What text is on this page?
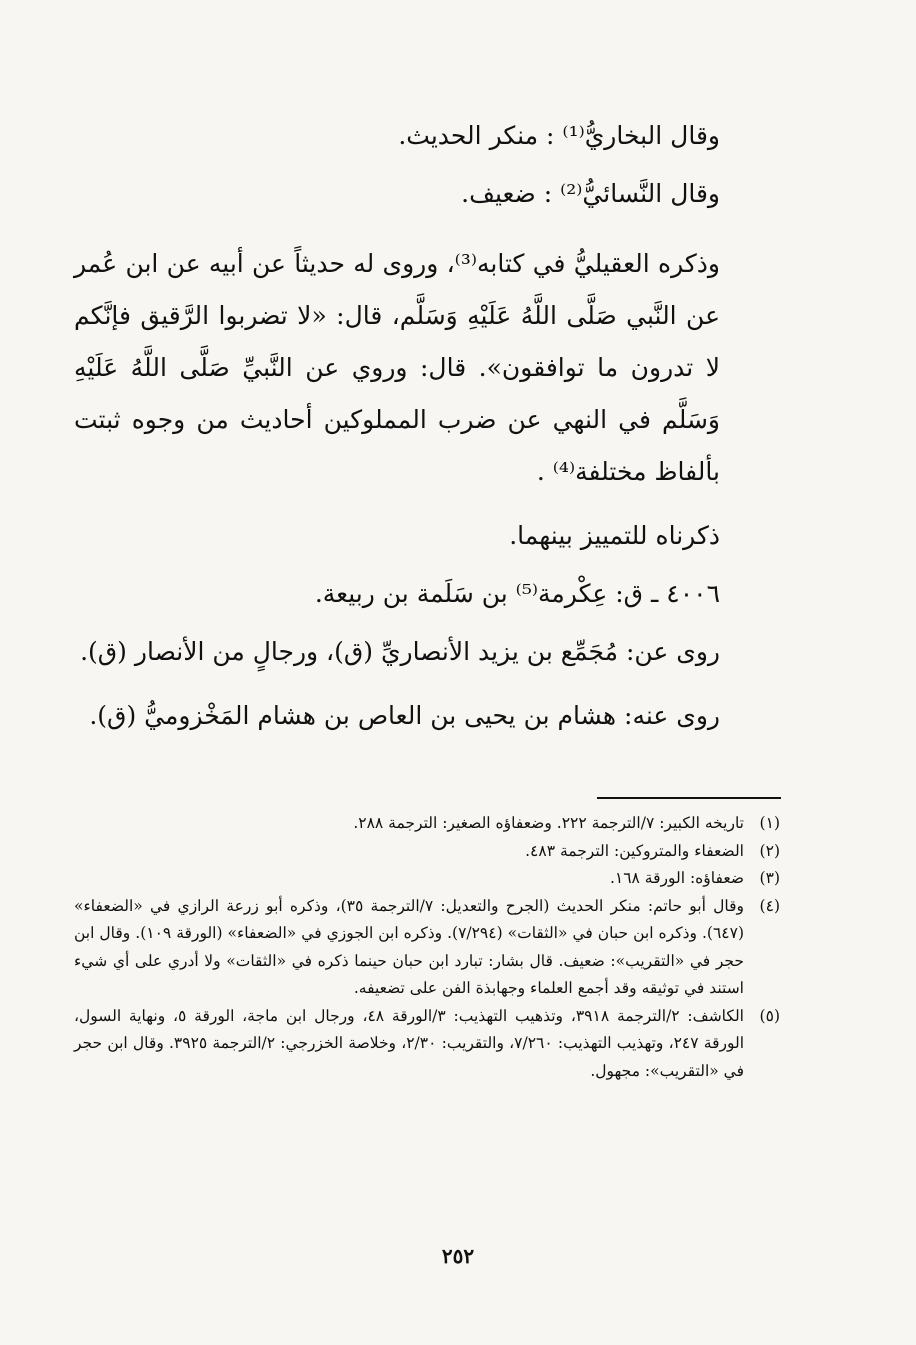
وقال البخاريُّ⁽¹⁾ : منكر الحديث.

وقال النَّسائيُّ⁽²⁾ : ضعيف.

وذكره العقيليُّ في كتابه⁽³⁾، وروى له حديثاً عن أبيه عن ابن عُمر عن النَّبي صَلَّى اللَّهُ عَلَيْهِ وَسَلَّم، قال: «لا تضربوا الرَّقيق فإنَّكم لا تدرون ما توافقون». قال: وروي عن النَّبيِّ صَلَّى اللَّهُ عَلَيْهِ وَسَلَّم في النهي عن ضرب المملوكين أحاديث من وجوه ثبتت بألفاظ مختلفة⁽⁴⁾ .

ذكرناه للتمييز بينهما.

٤٠٠٦ ـ ق: عِكْرمة⁽⁵⁾ بن سَلَمة بن ربيعة.

روى عن: مُجَمِّع بن يزيد الأنصاريِّ (ق)، ورجالٍ من الأنصار (ق).

روى عنه: هشام بن يحيى بن العاص بن هشام المَخْزوميُّ (ق).

(١)
تاريخه الكبير: ٧/الترجمة ٢٢٢. وضعفاؤه الصغير: الترجمة ٢٨٨.
(٢)
الضعفاء والمتروكين: الترجمة ٤٨٣.
(٣)
ضعفاؤه: الورقة ١٦٨.
(٤)
وقال أبو حاتم: منكر الحديث (الجرح والتعديل: ٧/الترجمة ٣٥)، وذكره أبو زرعة الرازي في «الضعفاء» (٦٤٧). وذكره ابن حبان في «الثقات» (٧/٢٩٤). وذكره ابن الجوزي في «الضعفاء» (الورقة ١٠٩). وقال ابن حجر في «التقريب»: ضعيف. قال بشار: تبارد ابن حبان حينما ذكره في «الثقات» ولا أدري على أي شيء استند في توثيقه وقد أجمع العلماء وجهابذة الفن على تضعيفه.
(٥)
الكاشف: ٢/الترجمة ٣٩١٨، وتذهيب التهذيب: ٣/الورقة ٤٨، ورجال ابن ماجة، الورقة ٥، ونهاية السول، الورقة ٢٤٧، وتهذيب التهذيب: ٧/٢٦٠، والتقريب: ٢/٣٠، وخلاصة الخزرجي: ٢/الترجمة ٣٩٢٥. وقال ابن حجر في «التقريب»: مجهول.
٢٥٢
